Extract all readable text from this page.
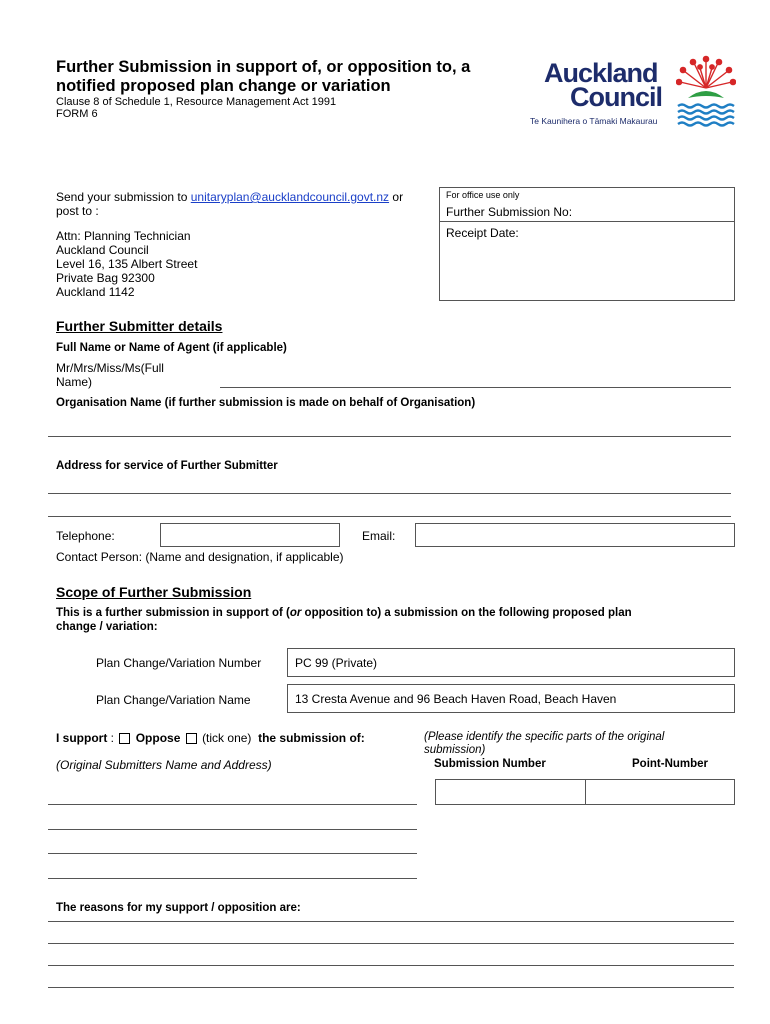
Further Submission in support of, or opposition to, a
notified proposed plan change or variation
Clause 8 of Schedule 1, Resource Management Act 1991
FORM 6
Auckland
Council
Te Kaunihera o Tāmaki Makaurau
Send your submission to unitaryplan@aucklandcouncil.govt.nz or
post to :
Attn: Planning Technician
Auckland Council
Level 16, 135 Albert Street
Private Bag 92300
Auckland 1142
For office use only
Further Submission No:
Receipt Date:
Further Submitter details
Full Name or Name of Agent (if applicable)
Mr/Mrs/Miss/Ms(Full
Name)
Organisation Name (if further submission is made on behalf of Organisation)
Address for service of Further Submitter
Telephone:	Email:
Contact Person: (Name and designation, if applicable)
Scope of Further Submission
This is a further submission in support of (or opposition to) a submission on the following proposed plan
change / variation:
Plan Change/Variation Number	PC 99 (Private)
Plan Change/Variation Name	13 Cresta Avenue and 96 Beach Haven Road, Beach Haven
I support : Oppose (tick one) the submission of:
(Original Submitters Name and Address)
(Please identify the specific parts of the original
submission)
Submission Number	Point-Number
The reasons for my support / opposition are:
